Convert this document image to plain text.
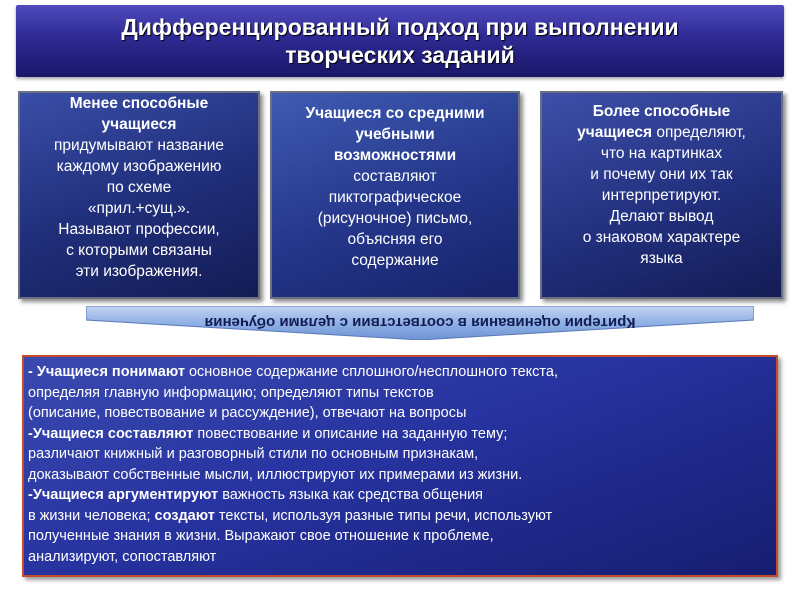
Дифференцированный подход при выполнении
творческих заданий

Менее способные

учащиеся

придумывают название

каждому изображению

по схеме

«прил.+сущ.».

Называют профессии,

с которыми связаны

эти изображения.

Учащиеся со средними

учебными

возможностями

составляют

пиктографическое

(рисуночное) письмо,

объясняя его

содержание

Более способные

учащиеся определяют,

что на картинках

и почему они их так

интерпретируют.

Делают вывод

о знаковом характере

языка

Критерии оценивания в соответствии с целями обучения
- Учащиеся понимают основное содержание сплошного/несплошного текста,
определяя главную информацию; определяют типы текстов
(описание, повествование и рассуждение), отвечают на вопросы
-Учащиеся составляют повествование и описание на заданную тему;
различают книжный и разговорный стили по основным признакам,
доказывают собственные мысли, иллюстрируют их примерами из жизни.
-Учащиеся аргументируют важность языка как средства общения
в жизни человека; создают тексты, используя разные типы речи, используют
полученные знания в жизни. Выражают свое отношение к проблеме,
анализируют, сопоставляют
